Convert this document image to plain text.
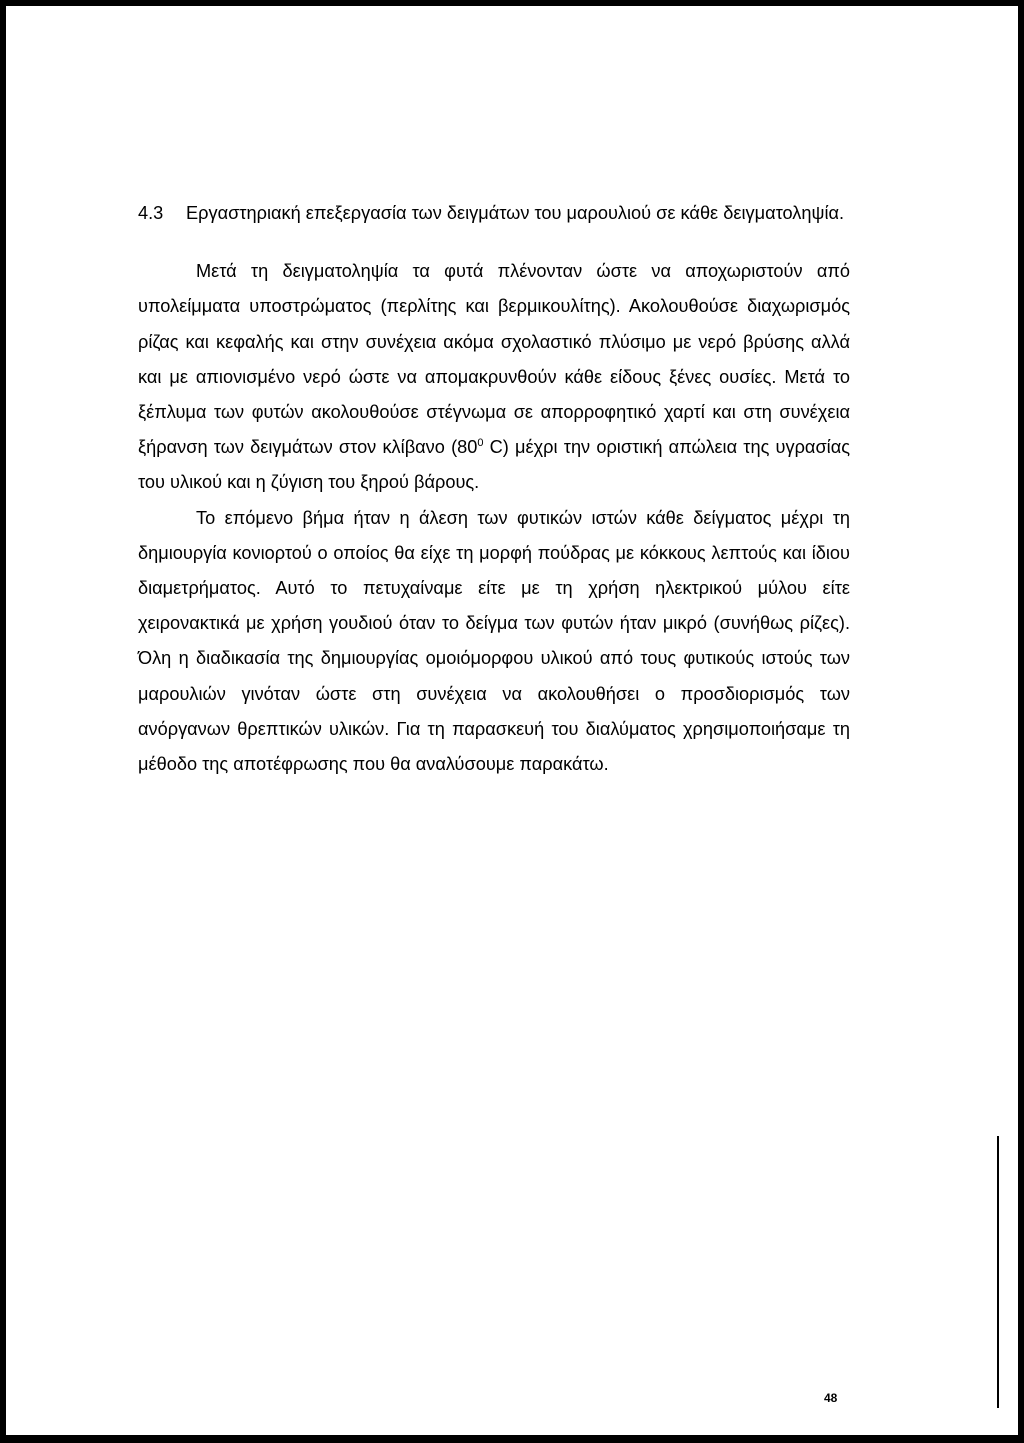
4.3	Εργαστηριακή επεξεργασία των δειγμάτων του μαρουλιού σε κάθε δειγματοληψία.

Μετά τη δειγματοληψία τα φυτά πλένονταν ώστε να αποχωριστούν από υπολείμματα υποστρώματος (περλίτης και βερμικουλίτης). Ακολουθούσε διαχωρισμός ρίζας και κεφαλής και στην συνέχεια ακόμα σχολαστικό πλύσιμο με νερό βρύσης αλλά και με απιονισμένο νερό ώστε να απομακρυνθούν κάθε είδους ξένες ουσίες. Μετά το ξέπλυμα των φυτών ακολουθούσε στέγνωμα σε απορροφητικό χαρτί και στη συνέχεια ξήρανση των δειγμάτων στον κλίβανο ($80^0$ C) μέχρι την οριστική απώλεια της υγρασίας του υλικού και η ζύγιση του ξηρού βάρους.

Το επόμενο βήμα ήταν η άλεση των φυτικών ιστών κάθε δείγματος μέχρι τη δημιουργία κονιορτού ο οποίος θα είχε τη μορφή πούδρας με κόκκους λεπτούς και ίδιου διαμετρήματος. Αυτό το πετυχαίναμε είτε με τη χρήση ηλεκτρικού μύλου είτε χειρονακτικά με χρήση γουδιού όταν το δείγμα των φυτών ήταν μικρό (συνήθως ρίζες). Όλη η διαδικασία της δημιουργίας ομοιόμορφου υλικού από τους φυτικούς ιστούς των μαρουλιών γινόταν ώστε στη συνέχεια να ακολουθήσει ο προσδιορισμός των ανόργανων θρεπτικών υλικών. Για τη παρασκευή του διαλύματος χρησιμοποιήσαμε τη μέθοδο της αποτέφρωσης που θα αναλύσουμε παρακάτω.

48
